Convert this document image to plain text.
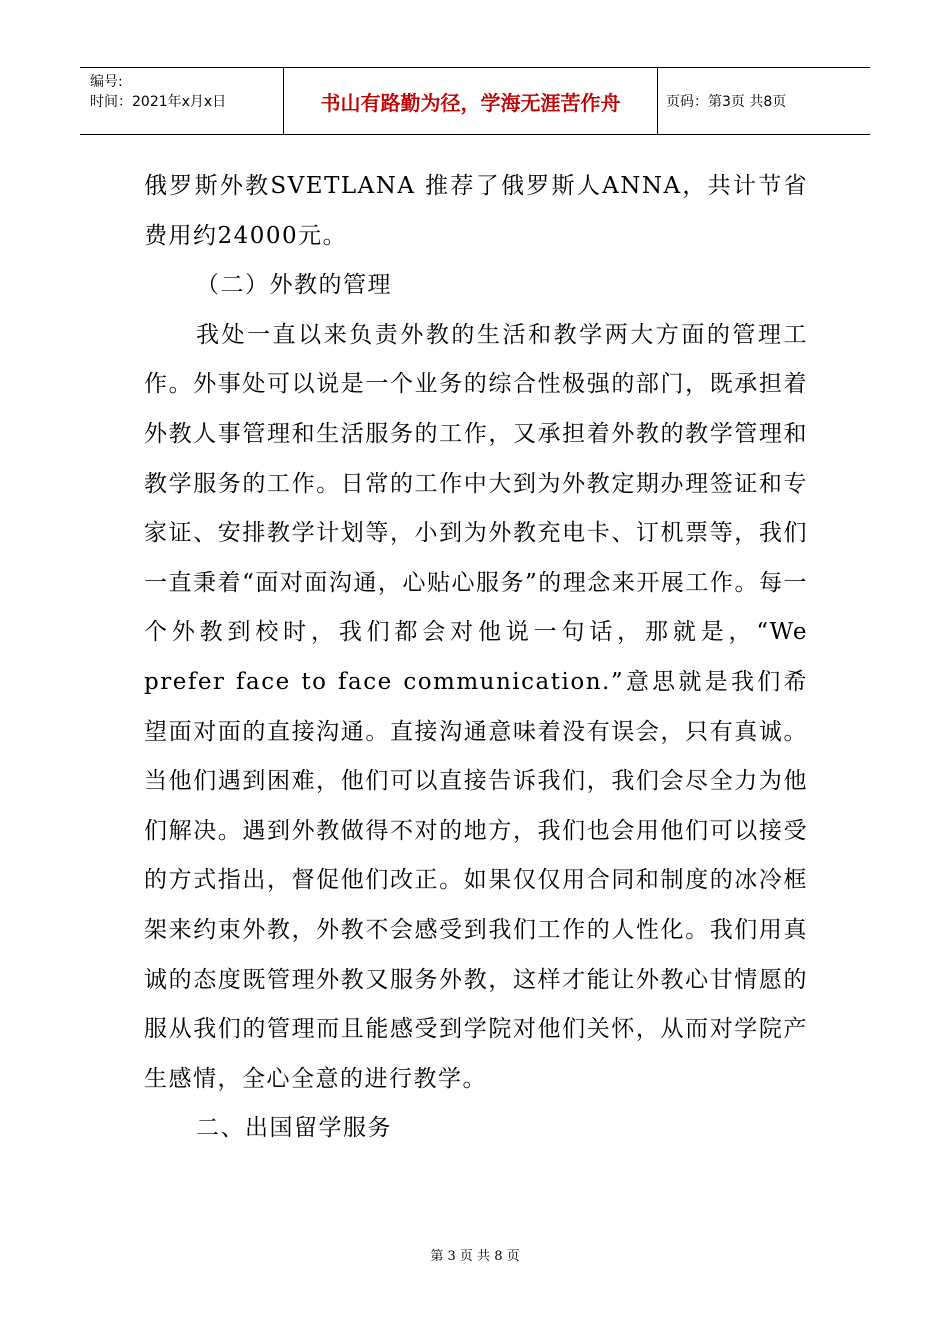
编号:
时间：2021年x月x日	书山有路勤为径，学海无涯苦作舟	页码：第3页 共8页

俄罗斯外教SVETLANA 推荐了俄罗斯人ANNA，共计节省费用约24000元。

（二）外教的管理

我处一直以来负责外教的生活和教学两大方面的管理工作。外事处可以说是一个业务的综合性极强的部门，既承担着外教人事管理和生活服务的工作，又承担着外教的教学管理和教学服务的工作。日常的工作中大到为外教定期办理签证和专家证、安排教学计划等，小到为外教充电卡、订机票等，我们一直秉着“面对面沟通，心贴心服务”的理念来开展工作。每一个外教到校时，我们都会对他说一句话，那就是，“We prefer face to face communication.”意思就是我们希望面对面的直接沟通。直接沟通意味着没有误会，只有真诚。当他们遇到困难，他们可以直接告诉我们，我们会尽全力为他们解决。遇到外教做得不对的地方，我们也会用他们可以接受的方式指出，督促他们改正。如果仅仅用合同和制度的冰冷框架来约束外教，外教不会感受到我们工作的人性化。我们用真诚的态度既管理外教又服务外教，这样才能让外教心甘情愿的服从我们的管理而且能感受到学院对他们关怀，从而对学院产生感情，全心全意的进行教学。

二、出国留学服务

第 3 页 共 8 页
